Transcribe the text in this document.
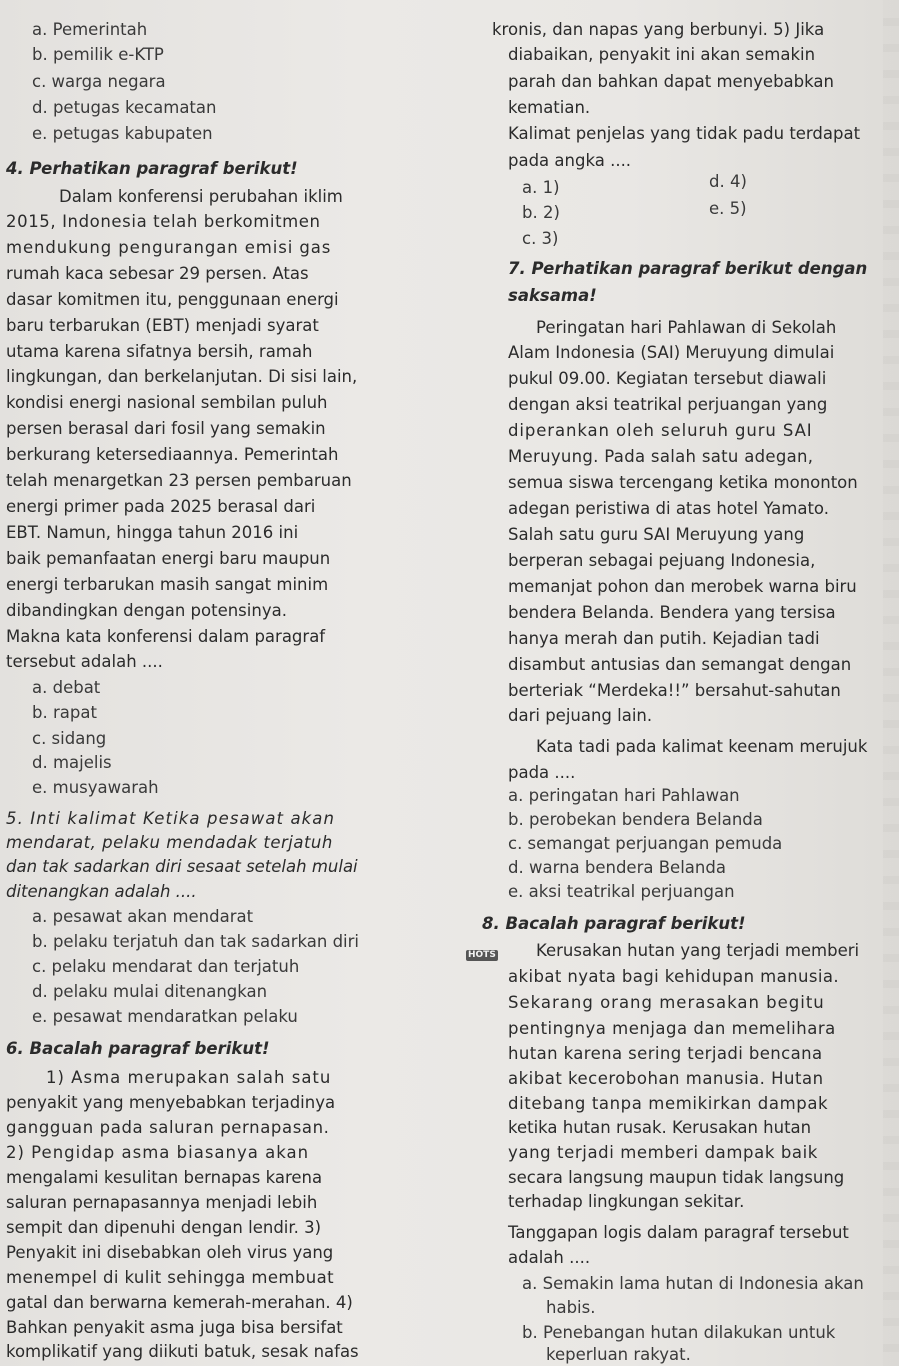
a. Pemerintah
b. pemilik e-KTP
c. warga negara
d. petugas kecamatan
e. petugas kabupaten
4. Perhatikan paragraf berikut!
Dalam konferensi perubahan iklim
2015, Indonesia telah berkomitmen
mendukung pengurangan emisi gas
rumah kaca sebesar 29 persen. Atas
dasar komitmen itu, penggunaan energi
baru terbarukan (EBT) menjadi syarat
utama karena sifatnya bersih, ramah
lingkungan, dan berkelanjutan. Di sisi lain,
kondisi energi nasional sembilan puluh
persen berasal dari fosil yang semakin
berkurang ketersediaannya. Pemerintah
telah menargetkan 23 persen pembaruan
energi primer pada 2025 berasal dari
EBT. Namun, hingga tahun 2016 ini
baik pemanfaatan energi baru maupun
energi terbarukan masih sangat minim
dibandingkan dengan potensinya.
Makna kata konferensi dalam paragraf
tersebut adalah ....
a. debat
b. rapat
c. sidang
d. majelis
e. musyawarah
5. Inti kalimat Ketika pesawat akan
mendarat, pelaku mendadak terjatuh
dan tak sadarkan diri sesaat setelah mulai
ditenangkan adalah ....
a. pesawat akan mendarat
b. pelaku terjatuh dan tak sadarkan diri
c. pelaku mendarat dan terjatuh
d. pelaku mulai ditenangkan
e. pesawat mendaratkan pelaku
6. Bacalah paragraf berikut!
1) Asma merupakan salah satu
penyakit yang menyebabkan terjadinya
gangguan pada saluran pernapasan.
2) Pengidap asma biasanya akan
mengalami kesulitan bernapas karena
saluran pernapasannya menjadi lebih
sempit dan dipenuhi dengan lendir. 3)
Penyakit ini disebabkan oleh virus yang
menempel di kulit sehingga membuat
gatal dan berwarna kemerah-merahan. 4)
Bahkan penyakit asma juga bisa bersifat
komplikatif yang diikuti batuk, sesak nafas
kronis, dan napas yang berbunyi. 5) Jika
diabaikan, penyakit ini akan semakin
parah dan bahkan dapat menyebabkan
kematian.
Kalimat penjelas yang tidak padu terdapat
pada angka ....
a. 1)
b. 2)
c. 3)
d. 4)
e. 5)
7. Perhatikan paragraf berikut dengan
saksama!
Peringatan hari Pahlawan di Sekolah
Alam Indonesia (SAI) Meruyung dimulai
pukul 09.00. Kegiatan tersebut diawali
dengan aksi teatrikal perjuangan yang
diperankan oleh seluruh guru SAI
Meruyung. Pada salah satu adegan,
semua siswa tercengang ketika mononton
adegan peristiwa di atas hotel Yamato.
Salah satu guru SAI Meruyung yang
berperan sebagai pejuang Indonesia,
memanjat pohon dan merobek warna biru
bendera Belanda. Bendera yang tersisa
hanya merah dan putih. Kejadian tadi
disambut antusias dan semangat dengan
berteriak “Merdeka!!” bersahut-sahutan
dari pejuang lain.
Kata tadi pada kalimat keenam merujuk
pada ....
a. peringatan hari Pahlawan
b. perobekan bendera Belanda
c. semangat perjuangan pemuda
d. warna bendera Belanda
e. aksi teatrikal perjuangan
8. Bacalah paragraf berikut!
HOTS Kerusakan hutan yang terjadi memberi
akibat nyata bagi kehidupan manusia.
Sekarang orang merasakan begitu
pentingnya menjaga dan memelihara
hutan karena sering terjadi bencana
akibat kecerobohan manusia. Hutan
ditebang tanpa memikirkan dampak
ketika hutan rusak. Kerusakan hutan
yang terjadi memberi dampak baik
secara langsung maupun tidak langsung
terhadap lingkungan sekitar.
Tanggapan logis dalam paragraf tersebut
adalah ....
a. Semakin lama hutan di Indonesia akan
habis.
b. Penebangan hutan dilakukan untuk
keperluan rakyat.
